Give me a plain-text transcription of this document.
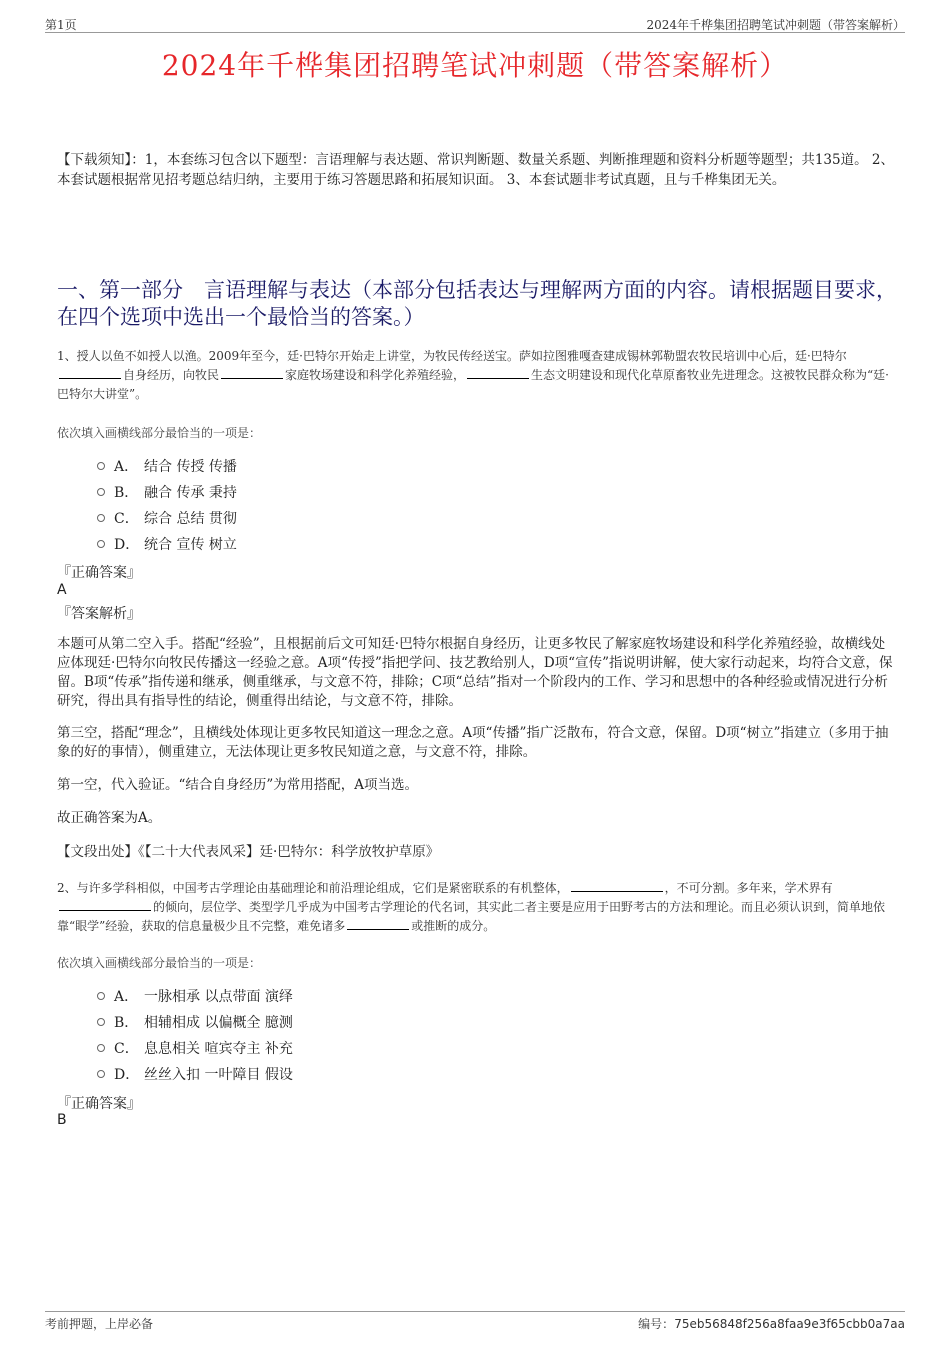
第1页	2024年千桦集团招聘笔试冲刺题（带答案解析）
2024年千桦集团招聘笔试冲刺题（带答案解析）
【下载须知】：1，本套练习包含以下题型：言语理解与表达题、常识判断题、数量关系题、判断推理题和资料分析题等题型；共135道。 2、本套试题根据常见招考题总结归纳，主要用于练习答题思路和拓展知识面。 3、本套试题非考试真题，且与千桦集团无关。
一、第一部分　言语理解与表达（本部分包括表达与理解两方面的内容。请根据题目要求，在四个选项中选出一个最恰当的答案。）
1、授人以鱼不如授人以渔。2009年至今，廷·巴特尔开始走上讲堂，为牧民传经送宝。萨如拉图雅嘎查建成锡林郭勒盟农牧民培训中心后，廷·巴特尔自身经历，向牧民	家庭牧场建设和科学化养殖经验，	生态文明建设和现代化草原畜牧业先进理念。这被牧民群众称为“廷·巴特尔大讲堂”。
依次填入画横线部分最恰当的一项是：
A． 结合 传授 传播
B． 融合 传承 秉持
C． 综合 总结 贯彻
D． 统合 宣传 树立
『正确答案』
A
『答案解析』
本题可从第二空入手。搭配“经验”，且根据前后文可知廷·巴特尔根据自身经历，让更多牧民了解家庭牧场建设和科学化养殖经验，故横线处应体现廷·巴特尔向牧民传播这一经验之意。A项“传授”指把学问、技艺教给别人，D项“宣传”指说明讲解，使大家行动起来，均符合文意，保留。B项“传承”指传递和继承，侧重继承，与文意不符，排除；C项“总结”指对一个阶段内的工作、学习和思想中的各种经验或情况进行分析研究，得出具有指导性的结论，侧重得出结论，与文意不符，排除。
第三空，搭配“理念”，且横线处体现让更多牧民知道这一理念之意。A项“传播”指广泛散布，符合文意，保留。D项“树立”指建立（多用于抽象的好的事情），侧重建立，无法体现让更多牧民知道之意，与文意不符，排除。
第一空，代入验证。“结合自身经历”为常用搭配，A项当选。
故正确答案为A。
【文段出处】《【二十大代表风采】廷·巴特尔：科学放牧护草原》
2、与许多学科相似，中国考古学理论由基础理论和前沿理论组成，它们是紧密联系的有机整体，	，不可分割。多年来，学术界有的倾向，层位学、类型学几乎成为中国考古学理论的代名词，其实此二者主要是应用于田野考古的方法和理论。而且必须认识到，简单地依靠“眼学”经验，获取的信息量极少且不完整，难免诸多	或推断的成分。
依次填入画横线部分最恰当的一项是：
A． 一脉相承 以点带面 演绎
B． 相辅相成 以偏概全 臆测
C． 息息相关 喧宾夺主 补充
D． 丝丝入扣 一叶障目 假设
『正确答案』
B
考前押题，上岸必备	编号：75eb56848f256a8faa9e3f65cbb0a7aa
